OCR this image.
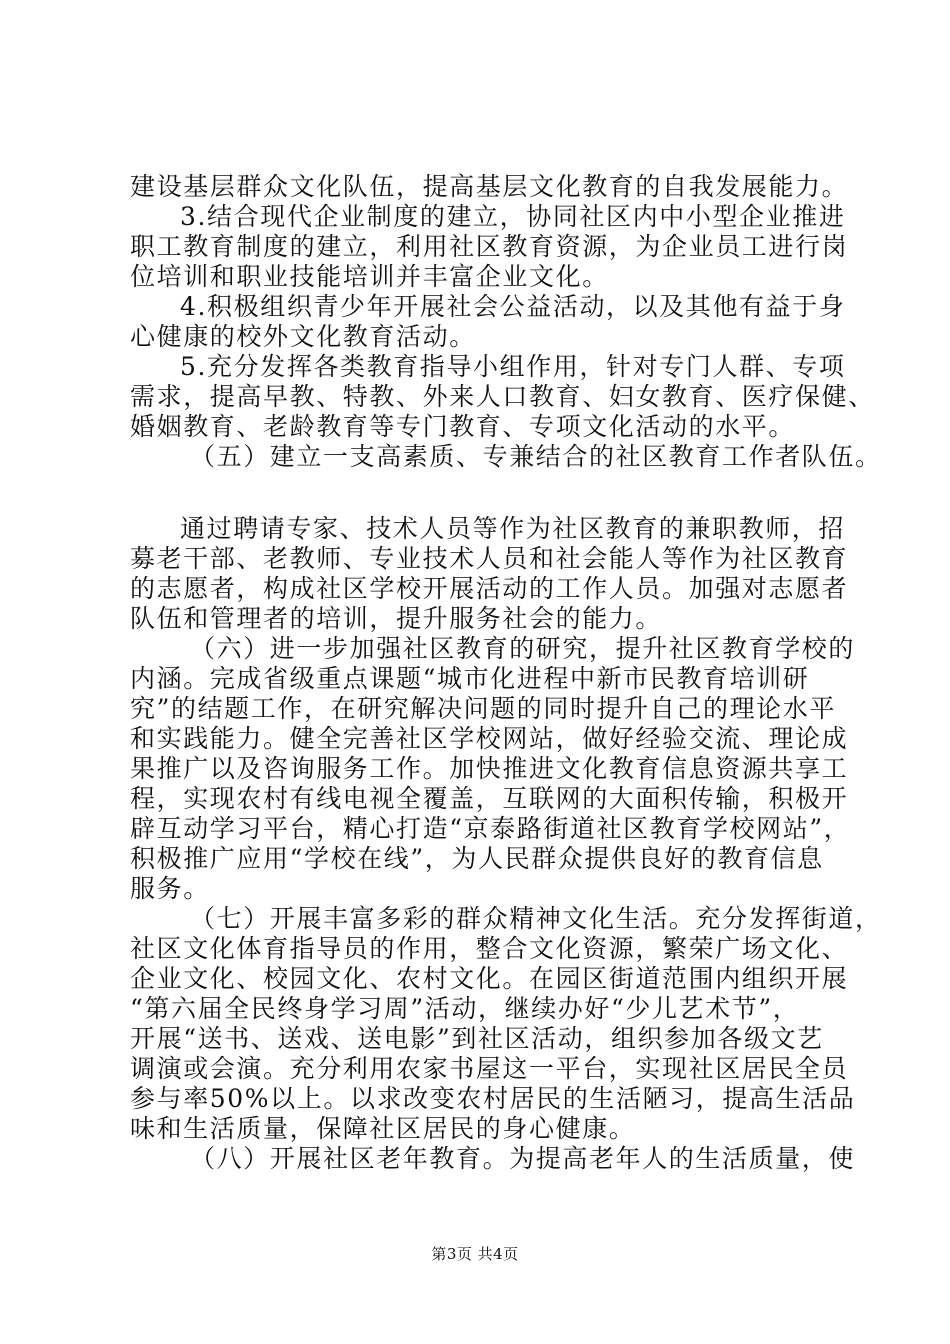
建设基层群众文化队伍，提高基层文化教育的自我发展能力。
3.结合现代企业制度的建立，协同社区内中小型企业推进
职工教育制度的建立，利用社区教育资源，为企业员工进行岗
位培训和职业技能培训并丰富企业文化。
4.积极组织青少年开展社会公益活动，以及其他有益于身
心健康的校外文化教育活动。
5.充分发挥各类教育指导小组作用，针对专门人群、专项
需求，提高早教、特教、外来人口教育、妇女教育、医疗保健、
婚姻教育、老龄教育等专门教育、专项文化活动的水平。
（五）建立一支高素质、专兼结合的社区教育工作者队伍。
通过聘请专家、技术人员等作为社区教育的兼职教师，招
募老干部、老教师、专业技术人员和社会能人等作为社区教育
的志愿者，构成社区学校开展活动的工作人员。加强对志愿者
队伍和管理者的培训，提升服务社会的能力。
（六）进一步加强社区教育的研究，提升社区教育学校的
内涵。完成省级重点课题“城市化进程中新市民教育培训研
究”的结题工作，在研究解决问题的同时提升自己的理论水平
和实践能力。健全完善社区学校网站，做好经验交流、理论成
果推广以及咨询服务工作。加快推进文化教育信息资源共享工
程，实现农村有线电视全覆盖，互联网的大面积传输，积极开
辟互动学习平台，精心打造“京泰路街道社区教育学校网站”，
积极推广应用“学校在线”，为人民群众提供良好的教育信息
服务。
（七）开展丰富多彩的群众精神文化生活。充分发挥街道，
社区文化体育指导员的作用，整合文化资源，繁荣广场文化、
企业文化、校园文化、农村文化。在园区街道范围内组织开展
“第六届全民终身学习周”活动，继续办好“少儿艺术节”，
开展“送书、送戏、送电影”到社区活动，组织参加各级文艺
调演或会演。充分利用农家书屋这一平台，实现社区居民全员
参与率50%以上。以求改变农村居民的生活陋习，提高生活品
味和生活质量，保障社区居民的身心健康。
（八）开展社区老年教育。为提高老年人的生活质量，使
第3页 共4页
